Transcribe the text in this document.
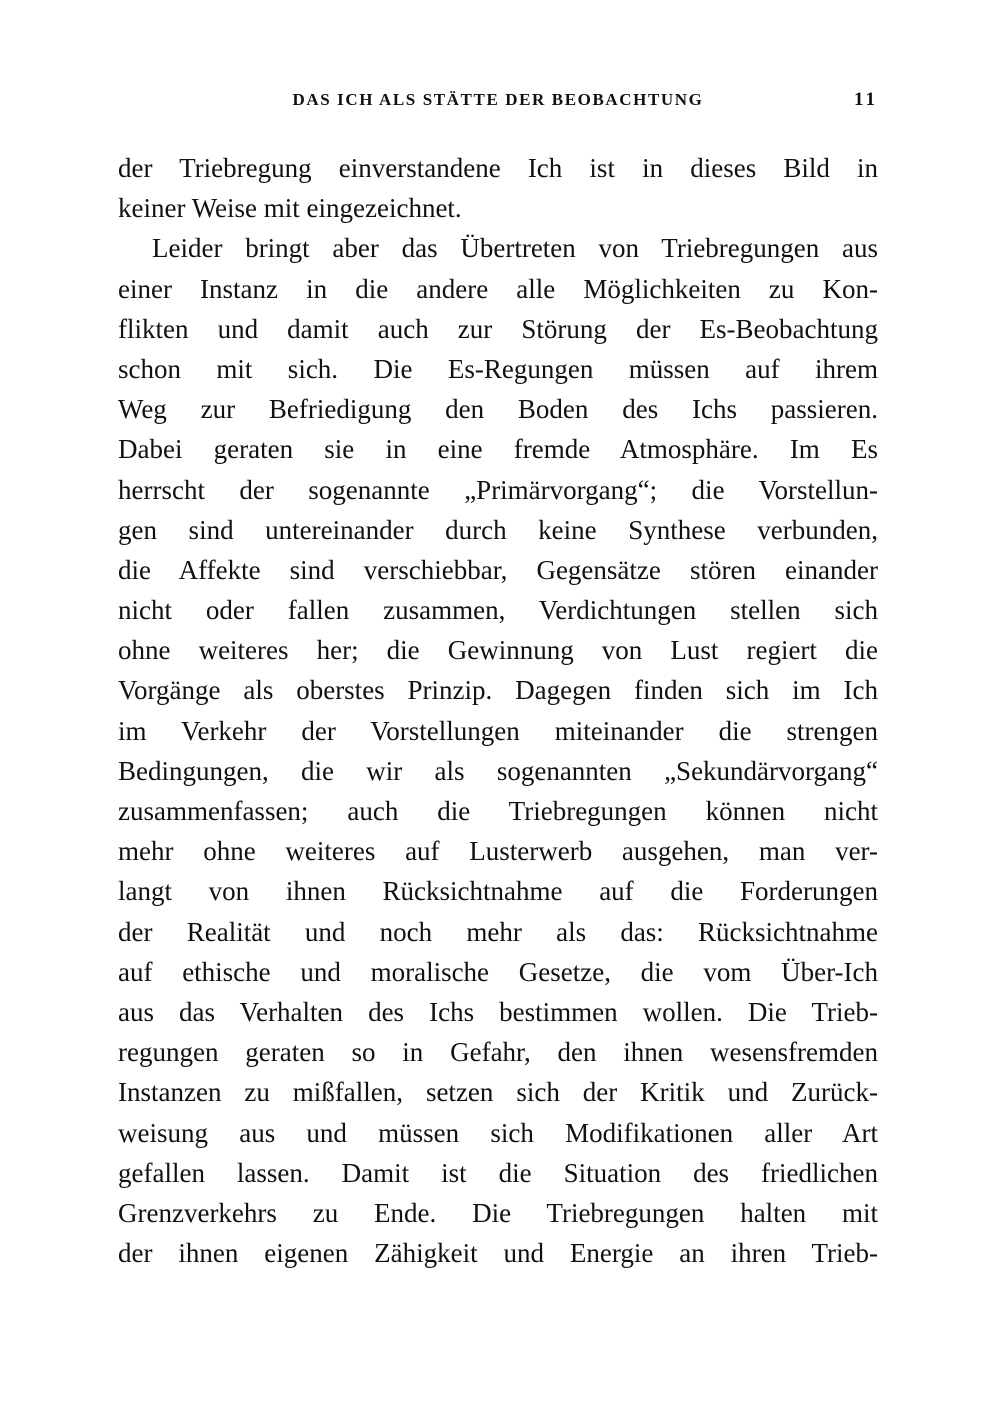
DAS ICH ALS STÄTTE DER BEOBACHTUNG	11
der Triebregung einverstandene Ich ist in dieses Bild in
keiner Weise mit eingezeichnet.
Leider bringt aber das Übertreten von Triebregungen aus
einer Instanz in die andere alle Möglichkeiten zu Kon-
flikten und damit auch zur Störung der Es-Beobachtung
schon mit sich. Die Es-Regungen müssen auf ihrem
Weg zur Befriedigung den Boden des Ichs passieren.
Dabei geraten sie in eine fremde Atmosphäre. Im Es
herrscht der sogenannte „Primärvorgang“; die Vorstellun-
gen sind untereinander durch keine Synthese verbunden,
die Affekte sind verschiebbar, Gegensätze stören einander
nicht oder fallen zusammen, Verdichtungen stellen sich
ohne weiteres her; die Gewinnung von Lust regiert die
Vorgänge als oberstes Prinzip. Dagegen finden sich im Ich
im Verkehr der Vorstellungen miteinander die strengen
Bedingungen, die wir als sogenannten „Sekundärvorgang“
zusammenfassen; auch die Triebregungen können nicht
mehr ohne weiteres auf Lusterwerb ausgehen, man ver-
langt von ihnen Rücksichtnahme auf die Forderungen
der Realität und noch mehr als das: Rücksichtnahme
auf ethische und moralische Gesetze, die vom Über-Ich
aus das Verhalten des Ichs bestimmen wollen. Die Trieb-
regungen geraten so in Gefahr, den ihnen wesensfremden
Instanzen zu mißfallen, setzen sich der Kritik und Zurück-
weisung aus und müssen sich Modifikationen aller Art
gefallen lassen. Damit ist die Situation des friedlichen
Grenzverkehrs zu Ende. Die Triebregungen halten mit
der ihnen eigenen Zähigkeit und Energie an ihren Trieb-
